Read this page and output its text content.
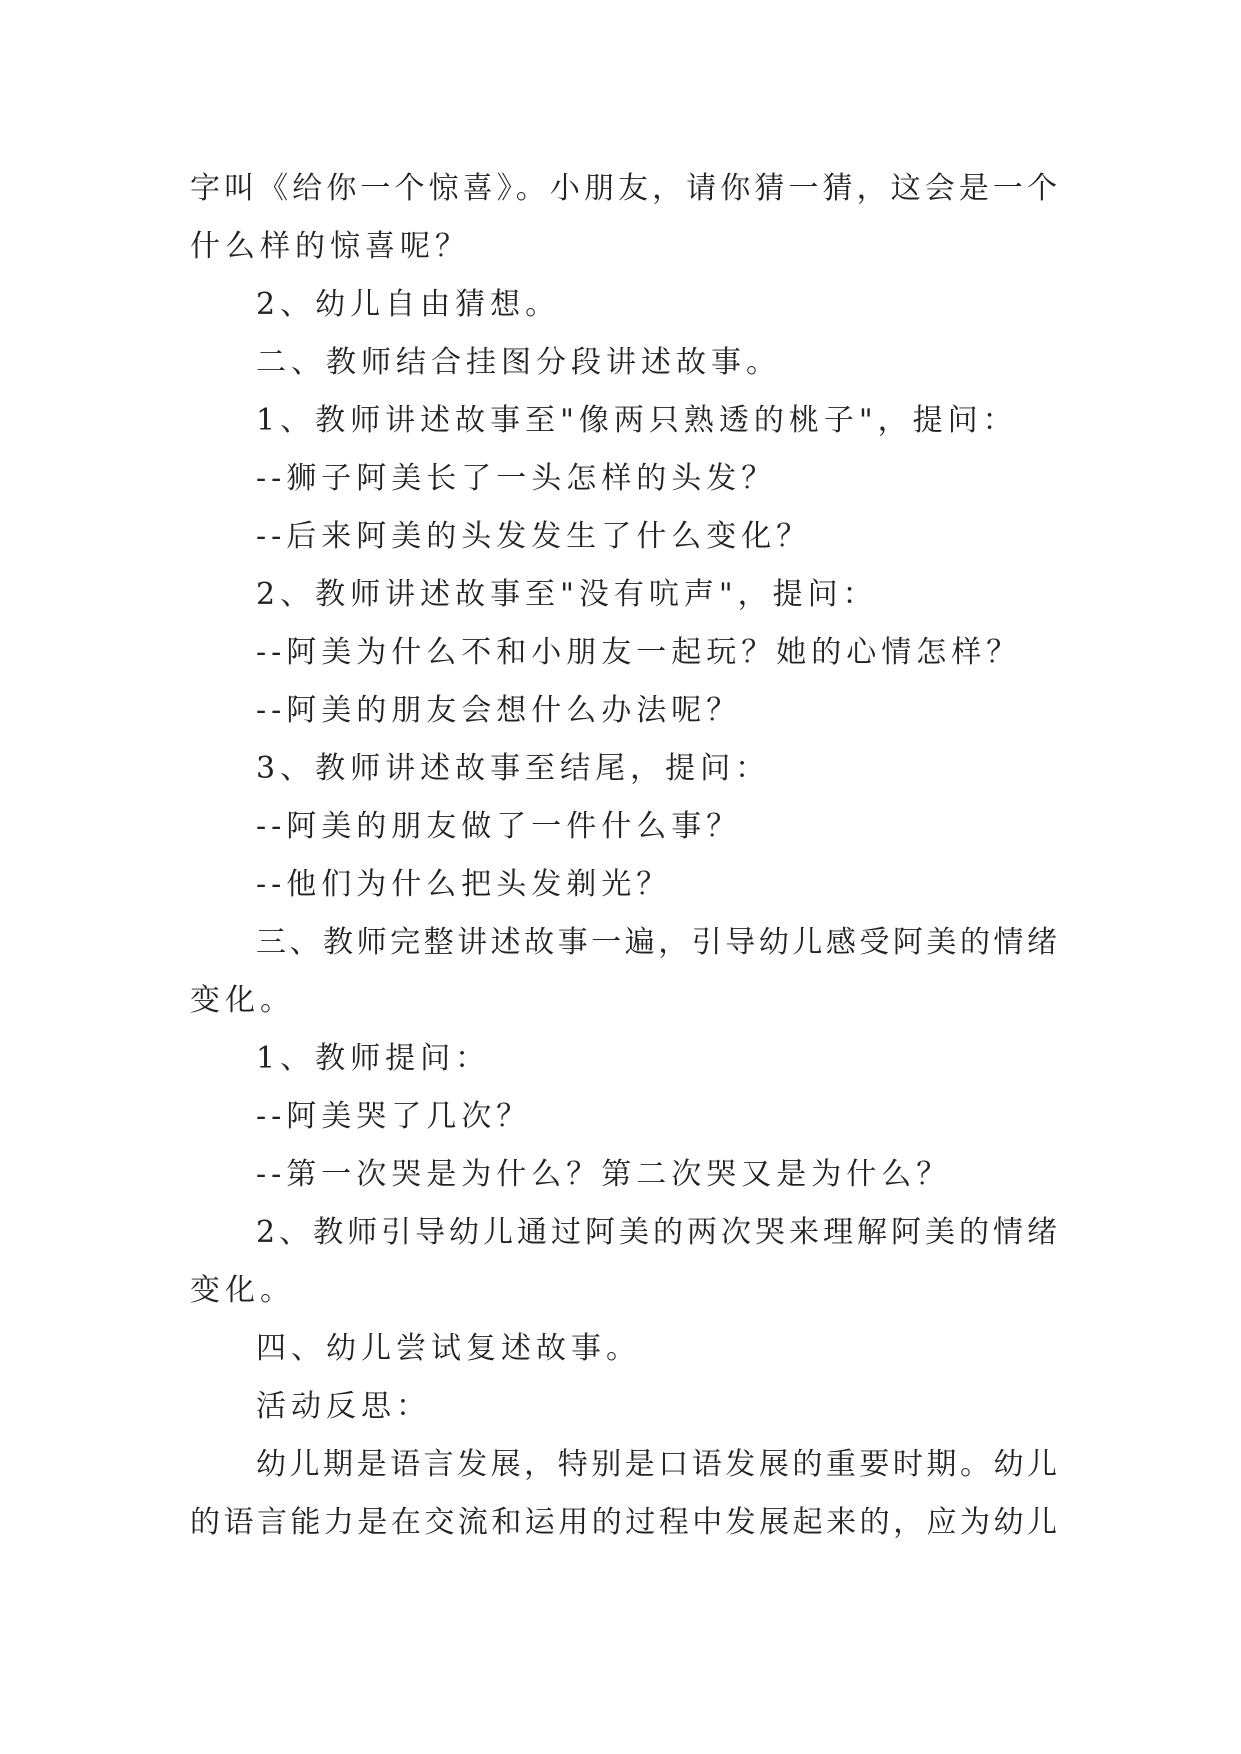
字叫《给你一个惊喜》。小朋友，请你猜一猜，这会是一个
什么样的惊喜呢？
2、幼儿自由猜想。
二、教师结合挂图分段讲述故事。
1、教师讲述故事至"像两只熟透的桃子"，提问：
--狮子阿美长了一头怎样的头发？
--后来阿美的头发发生了什么变化？
2、教师讲述故事至"没有吭声"，提问：
--阿美为什么不和小朋友一起玩？她的心情怎样？
--阿美的朋友会想什么办法呢？
3、教师讲述故事至结尾，提问：
--阿美的朋友做了一件什么事？
--他们为什么把头发剃光？
三、教师完整讲述故事一遍，引导幼儿感受阿美的情绪
变化。
1、教师提问：
--阿美哭了几次？
--第一次哭是为什么？第二次哭又是为什么？
2、教师引导幼儿通过阿美的两次哭来理解阿美的情绪
变化。
四、幼儿尝试复述故事。
活动反思：
幼儿期是语言发展，特别是口语发展的重要时期。幼儿
的语言能力是在交流和运用的过程中发展起来的，应为幼儿
